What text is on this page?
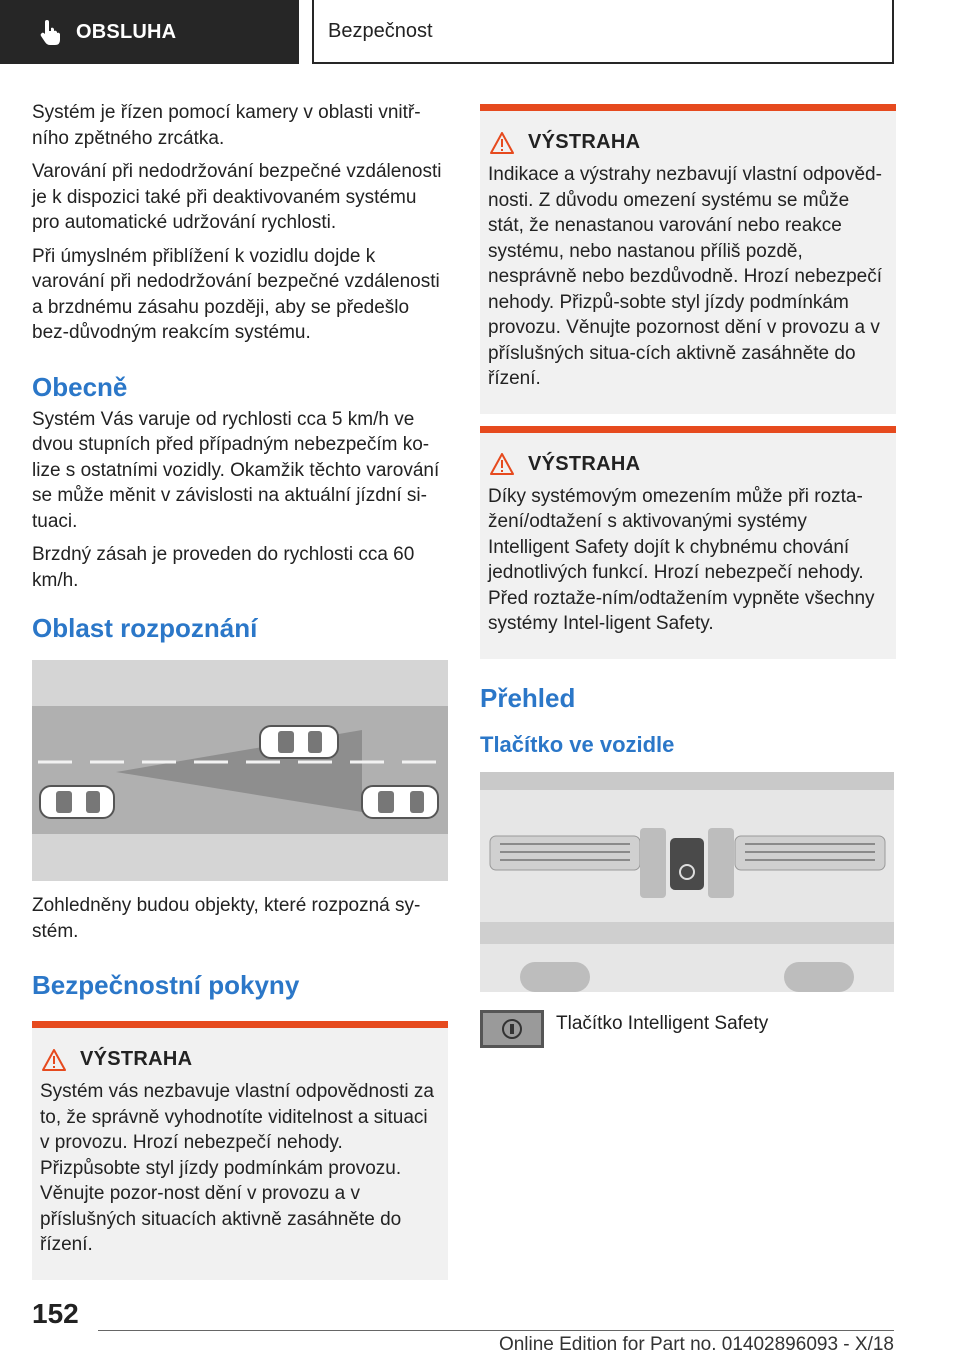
OBSLUHA	Bezpečnost

Systém je řízen pomocí kamery v oblasti vnitř‐ního zpětného zrcátka.

Varování při nedodržování bezpečné vzdálenosti je k dispozici také při deaktivovaném systému pro automatické udržování rychlosti.

Při úmyslném přiblížení k vozidlu dojde k varování při nedodržování bezpečné vzdálenosti a brzdnému zásahu později, aby se předešlo bez‐důvodným reakcím systému.

Obecně

Systém Vás varuje od rychlosti cca 5 km/h ve dvou stupních před případným nebezpečím ko‐lize s ostatními vozidly. Okamžik těchto varování se může měnit v závislosti na aktuální jízdní si‐tuaci.

Brzdný zásah je proveden do rychlosti cca 60 km/h.

Oblast rozpoznání

Zohledněny budou objekty, které rozpozná sy‐stém.

Bezpečnostní pokyny
VÝSTRAHA

Systém vás nezbavuje vlastní odpovědnosti za to, že správně vyhodnotíte viditelnost a situaci v provozu. Hrozí nebezpečí nehody. Přizpůsobte styl jízdy podmínkám provozu. Věnujte pozor‐nost dění v provozu a v příslušných situacích aktivně zasáhněte do řízení.

VÝSTRAHA

Indikace a výstrahy nezbavují vlastní odpověd‐nosti. Z důvodu omezení systému se může stát, že nenastanou varování nebo reakce systému, nebo nastanou příliš pozdě, nesprávně nebo bezdůvodně. Hrozí nebezpečí nehody. Přizpů‐sobte styl jízdy podmínkám provozu. Věnujte pozornost dění v provozu a v příslušných situa‐cích aktivně zasáhněte do řízení.

VÝSTRAHA

Díky systémovým omezením může při rozta‐žení/odtažení s aktivovanými systémy Intelligent Safety dojít k chybnému chování jednotlivých funkcí. Hrozí nebezpečí nehody. Před roztaže‐ním/odtažením vypněte všechny systémy Intel‐ligent Safety.

Přehled
Tlačítko ve vozidle
Tlačítko Intelligent Safety
152
Online Edition for Part no. 01402896093 - X/18
